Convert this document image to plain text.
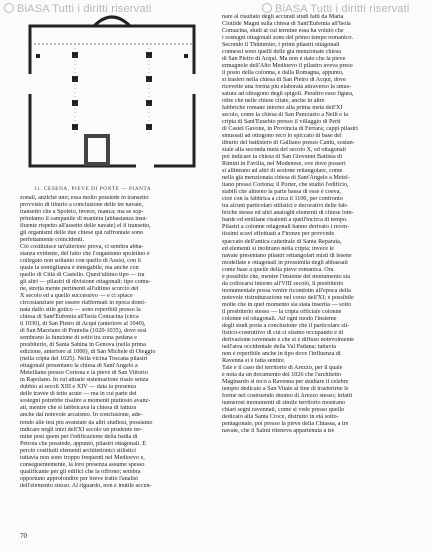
BiASA Tutti i diritti riservati	BiASA Tutti i diritti riservati
11. CESENA, PIEVE DI PONTE — PIANTA
zonali, anziché uno; essa molto possiede in transetto
provvisto di tiburio a conclusione delle tre navate,
transetto che a Spoleto, invece, manca; ma se sop-
primiamo il campanile di maniera (abbastanza insu-
fluente rispetto all'assetto delle navate) el il transetto,
gli organismi delle due chiese qui raffrontate sono
perfettamente coincidenti.
Ciò costituisce un'ulteriore prova, ci sembra abba-
stanza evidente, del fatto che l'organismo spoletino è
collegato non soltanto con quello di Assisi, con il
quale la somiglianza è innegabile, ma anche con
quello di Città di Castello. Quest'ultimo tipo — tra
gli altri — pilastri di divisione ottagonali: tipo comu-
ne, stretta mente pertinenti all'ultimo scorcio del
X secolo ed a quello successivo — e ci spiace
circostanziare per essere riaffermati in epoca domi-
nata dallo stile gotico — sono reperibili presso la
chiesa di Sant'Eufemia all'Isola Comacina (circa
il 1030), di San Pietro di Acqui (anteriore al 1040),
di San Marziano di Pontelia (1020-1035), dove essi
sembrano la funzione di sotto tra zona pedana e
presbiterio, di Santa Sabina in Genova (nella prima
edizione, anteriore al 1000), di San Michele di Oleggio
(nella cripta del 1025). Nella vicina Toscana pilastri
ottagonali presentano la chiesa di Sant'Angelo a
Metelliano presso Cortona e la pieve di San Vittorio
in Rapolano. In cui attuale sistemazione risale senza
dubbio ai secoli XIII e XIV — data la presenza
delle travée di tetto acute — ma in cui parte dei
sostegni potrebbe risalire a momenti piuttosto avanz-
ati, mentre che si fabbricava la chiesa di fattura
anche dal notevole arcaismo. In conclusione, ade-
rendo alle tesi più avanzate da altri studiosi, possiamo
indicare negli inizi dell'XI secolo un prudente ter-
mine post quem per l'edificazione della badia di
Petroia che possiede, appunto, pilastri ottagonali. È
perciò costituiti elementi architettonici stilistici
tuttavia non sono troppo frequenti nel Medioevo e,
conseguentemente, la loro presenza assume spesso
qualificante per gli edifici che la offrono; sembra
opportuno approfondire per breve tratto l'analisi
dell'elemento stesso. Al riguardo, non è inutile accen-
nare al risultato degli accurati studi fatti da Maria
Clotilde Magni sulla chiesa di Sant'Eufemia all'Isola
Comacina, studi al cui termine essa ha voluto che
i sostegni ottagonali sono del primo tempo romanico.
Secondo il Thümmler, i primi pilastri ottagonali
connessi sono quelli delle già menzionate chiesa
di San Pietro di Acqui. Ma non è dato che la pieve
ermagnole dell'Alto Medioevo il pilastro aveva preso
il posto della colonna, e dalla Romagna, appunto,
si traslerì nella chiesa di San Pietro di Acqui, dove
ricevette una forma più elaborata attraverso la smus-
satura ad oltragono degli spigoli. Peraltro esso figura,
oltre che nelle chiese citate, anche in altre
fabbriche romane intorno alla prima metà dell'XI
secolo, come la chiesa di San Pancrazio a Nelli e la
cripta di Sant'Eusebio presso il villaggio di Perti
di Castel Gavone, in Provincia di Ferrara; cappi pilastri
smussati ad ottogono recò lo spiccato di base del
tiburio del battistero di Galliano presso Cantù, sostan-
ziale alla seconda metà del secolo X, ed ottagonali
poi indicare la chiesa di San Giovanni Battista di
Rimini in Favilla, nel Modenese, ove dove posseri
si allineano ad altri di sezione rettangolare, come
nella già menzionata chiesa di Sant'Angelo a Metel-
liano presso Cortona; il Porter, che studiò l'edificio,
stabili che almeno la parte bassa di esse è coeva,
cioè con la fabbrica a circa il 1100, per confronto
tra alcuni particolari stilistici e decorativi delle fab-
briche stesse ed altri analoghi elementi di chiese lom-
barde ed emiliane risalenti a quell'incirca di tempo.
Pilastri a colonne ottagonali hanno derivato i recen-
tissimi scavi effettuati a Firenze per provvede
spaccato dell'antica cattedrale di Santa Reparata,
ed elementi si inoltrano nella cripta; invece le
navate presentano pilastri rettangolari misti di lesene
modellate e ottagonali in prossimità degli abbassati
come base a quelle della pieve romanica. Ora
è possibile che, mentre l'insieme del monumento sia
da collocarsi intorno all'VIII secolo, il presbiterio
monumentale possa venire ricondotto all'epoca della
notevole ristrutturazione nel corso dell'XI; è possibile
molte che in quel momento sia stata inserita — sotto
il presbiterio stesso — la cripta officiale colonne
colonne ed ottagonali. Ad ogni modo l'insieme
degli studi porta a conclusione che il particolare sti-
listico-costruttivo di cui ci stiamo occupando è di
derivazione ravennate e che si è diffuso notevolmente
nell'area occidentale della Val Padana; tuttavia
non è reperibile anche in tipo dove l'influenza di
Ravenna si è fatta sentire.
Tale è il caso del territorio di Arezzo, per il quale
è nota da un documento del 1026 che l'architetto
Maginardo si recò a Ravenna per studiare il celebre
tempio dedicato a San Vitale al fine di trasferirne le
forme nel costruendo duomo di Arezzo stesso; infatti
numerosi monumenti di simile territorio mostrano
chiari segni ravennati, come si vede presso quello
dedicato alla Santa Croce, distrutto in età sotto-
pentagonale, poi presso la pieve della Chiassa, a tre
navate, che il Salmi riteneva appartenuta a tre
70
